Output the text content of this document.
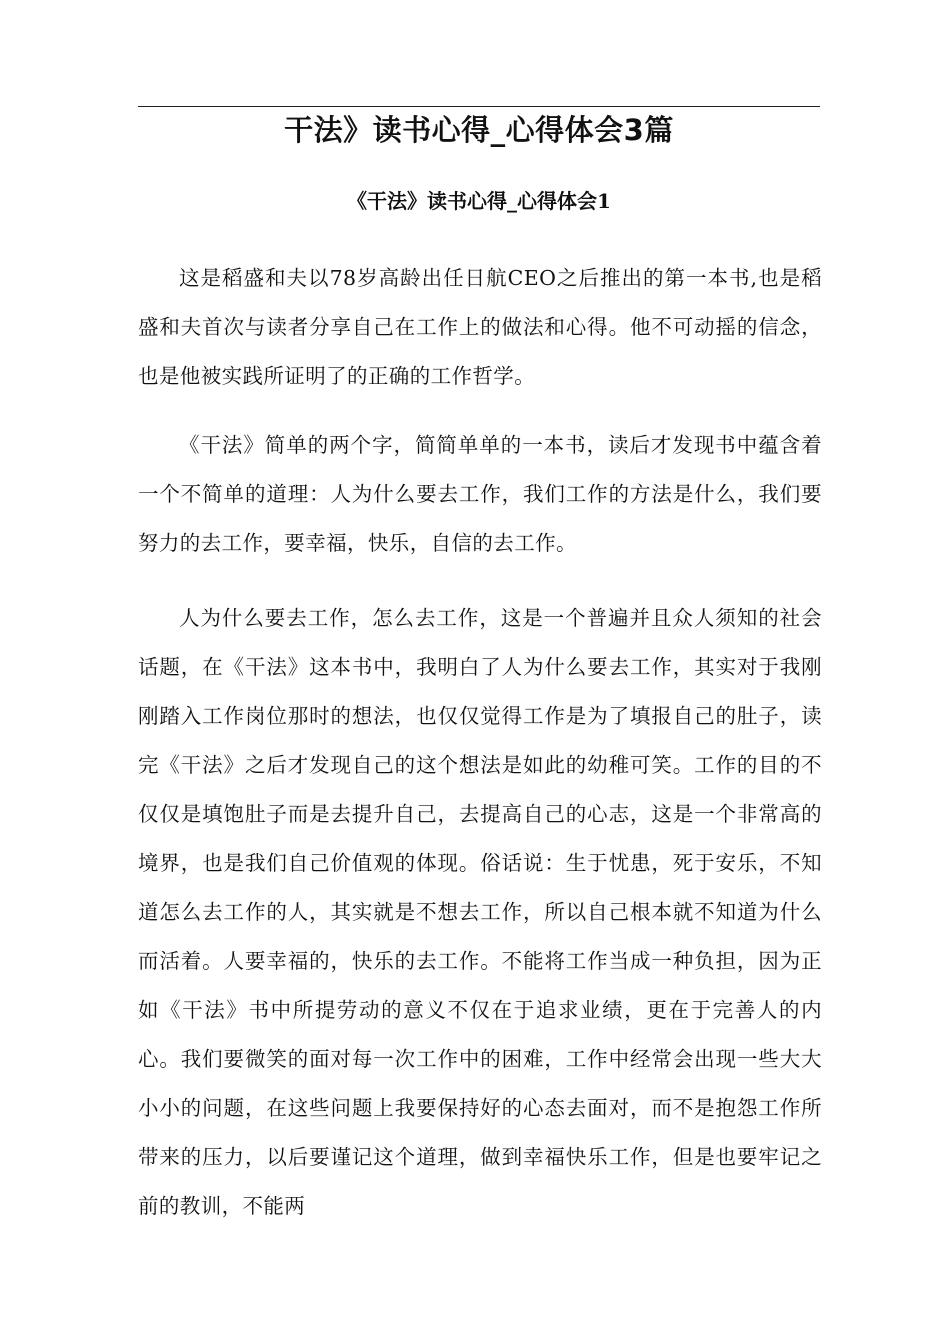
干法》读书心得_心得体会3篇
《干法》读书心得_心得体会1

这是稻盛和夫以78岁高龄出任日航CEO之后推出的第一本书,也是稻盛和夫首次与读者分享自己在工作上的做法和心得。他不可动摇的信念，也是他被实践所证明了的正确的工作哲学。

《干法》简单的两个字，简简单单的一本书，读后才发现书中蕴含着一个不简单的道理：人为什么要去工作，我们工作的方法是什么，我们要努力的去工作，要幸福，快乐，自信的去工作。

人为什么要去工作，怎么去工作，这是一个普遍并且众人须知的社会话题，在《干法》这本书中，我明白了人为什么要去工作，其实对于我刚刚踏入工作岗位那时的想法，也仅仅觉得工作是为了填报自己的肚子，读完《干法》之后才发现自己的这个想法是如此的幼稚可笑。工作的目的不仅仅是填饱肚子而是去提升自己，去提高自己的心志，这是一个非常高的境界，也是我们自己价值观的体现。俗话说：生于忧患，死于安乐，不知道怎么去工作的人，其实就是不想去工作，所以自己根本就不知道为什么而活着。人要幸福的，快乐的去工作。不能将工作当成一种负担，因为正如《干法》书中所提劳动的意义不仅在于追求业绩，更在于完善人的内心。我们要微笑的面对每一次工作中的困难，工作中经常会出现一些大大小小的问题，在这些问题上我要保持好的心态去面对，而不是抱怨工作所带来的压力，以后要谨记这个道理，做到幸福快乐工作，但是也要牢记之前的教训，不能两
